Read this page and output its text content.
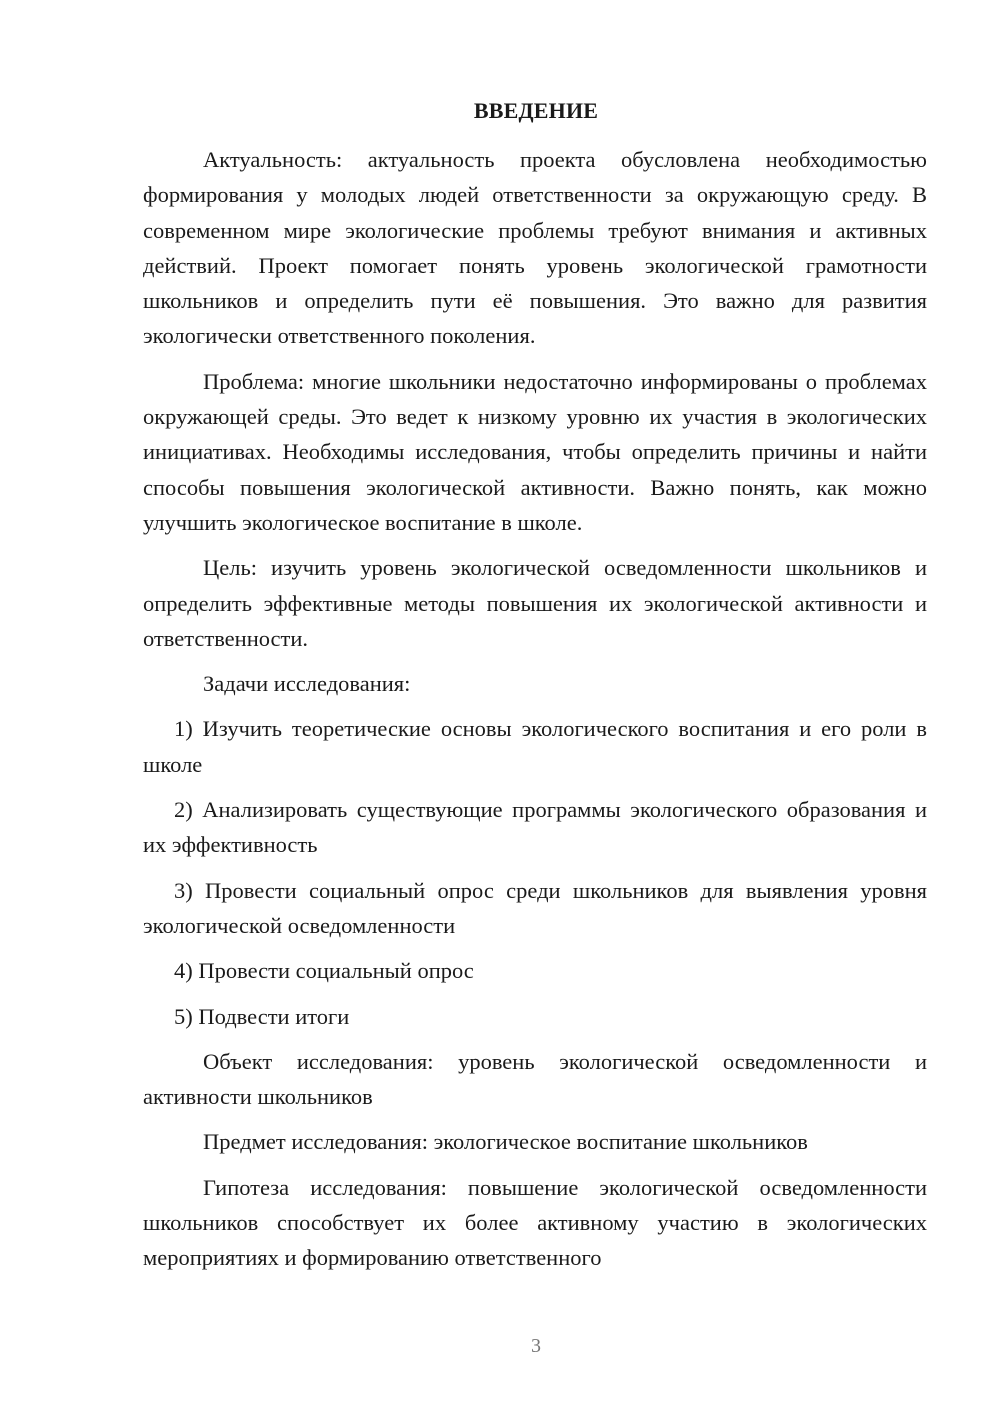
ВВЕДЕНИЕ

Актуальность: актуальность проекта обусловлена необходимостью формирования у молодых людей ответственности за окружающую среду. В современном мире экологические проблемы требуют внимания и активных действий. Проект помогает понять уровень экологической грамотности школьников и определить пути её повышения. Это важно для развития экологически ответственного поколения.

Проблема: многие школьники недостаточно информированы о проблемах окружающей среды. Это ведет к низкому уровню их участия в экологических инициативах. Необходимы исследования, чтобы определить причины и найти способы повышения экологической активности. Важно понять, как можно улучшить экологическое воспитание в школе.

Цель: изучить уровень экологической осведомленности школьников и определить эффективные методы повышения их экологической активности и ответственности.

Задачи исследования:

1) Изучить теоретические основы экологического воспитания и его роли в школе

2) Анализировать существующие программы экологического образования и их эффективность

3) Провести социальный опрос среди школьников для выявления уровня экологической осведомленности

4) Провести социальный опрос

5) Подвести итоги

Объект исследования: уровень экологической осведомленности и активности школьников

Предмет исследования: экологическое воспитание школьников

Гипотеза исследования: повышение экологической осведомленности школьников способствует их более активному участию в экологических мероприятиях и формированию ответственного

3
